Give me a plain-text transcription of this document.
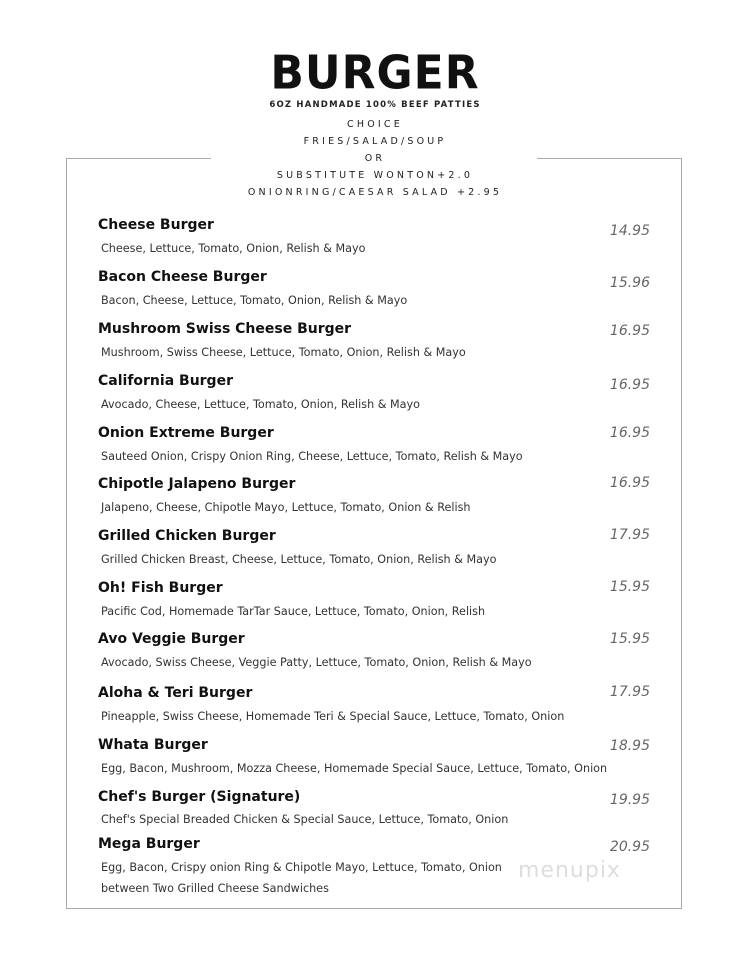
BURGER
6OZ HANDMADE 100% BEEF PATTIES
CHOICE
FRIES/SALAD/SOUP
OR
SUBSTITUTE WONTON+2.0
ONIONRING/CAESAR SALAD +2.95
Cheese Burger
Cheese, Lettuce, Tomato, Onion, Relish & Mayo
14.95
Bacon Cheese Burger
Bacon, Cheese, Lettuce, Tomato, Onion, Relish & Mayo
15.96
Mushroom Swiss Cheese Burger
Mushroom, Swiss Cheese, Lettuce, Tomato, Onion, Relish & Mayo
16.95
California Burger
Avocado, Cheese, Lettuce, Tomato, Onion, Relish & Mayo
16.95
Onion Extreme Burger
Sauteed Onion, Crispy Onion Ring, Cheese, Lettuce, Tomato, Relish & Mayo
16.95
Chipotle Jalapeno Burger
Jalapeno, Cheese, Chipotle Mayo, Lettuce, Tomato, Onion & Relish
16.95
Grilled Chicken Burger
Grilled Chicken Breast, Cheese, Lettuce, Tomato, Onion, Relish & Mayo
17.95
Oh! Fish Burger
Pacific Cod, Homemade TarTar Sauce, Lettuce, Tomato, Onion, Relish
15.95
Avo Veggie Burger
Avocado, Swiss Cheese, Veggie Patty, Lettuce, Tomato, Onion, Relish & Mayo
15.95
Aloha & Teri Burger
Pineapple, Swiss Cheese, Homemade Teri & Special Sauce, Lettuce, Tomato, Onion
17.95
Whata Burger
Egg, Bacon, Mushroom, Mozza Cheese, Homemade Special Sauce, Lettuce, Tomato, Onion
18.95
Chef's Burger (Signature)
Chef's Special Breaded Chicken & Special Sauce, Lettuce, Tomato, Onion
19.95
Mega Burger
Egg, Bacon, Crispy onion Ring & Chipotle Mayo, Lettuce, Tomato, Onion
between Two Grilled Cheese Sandwiches
20.95
menupix
